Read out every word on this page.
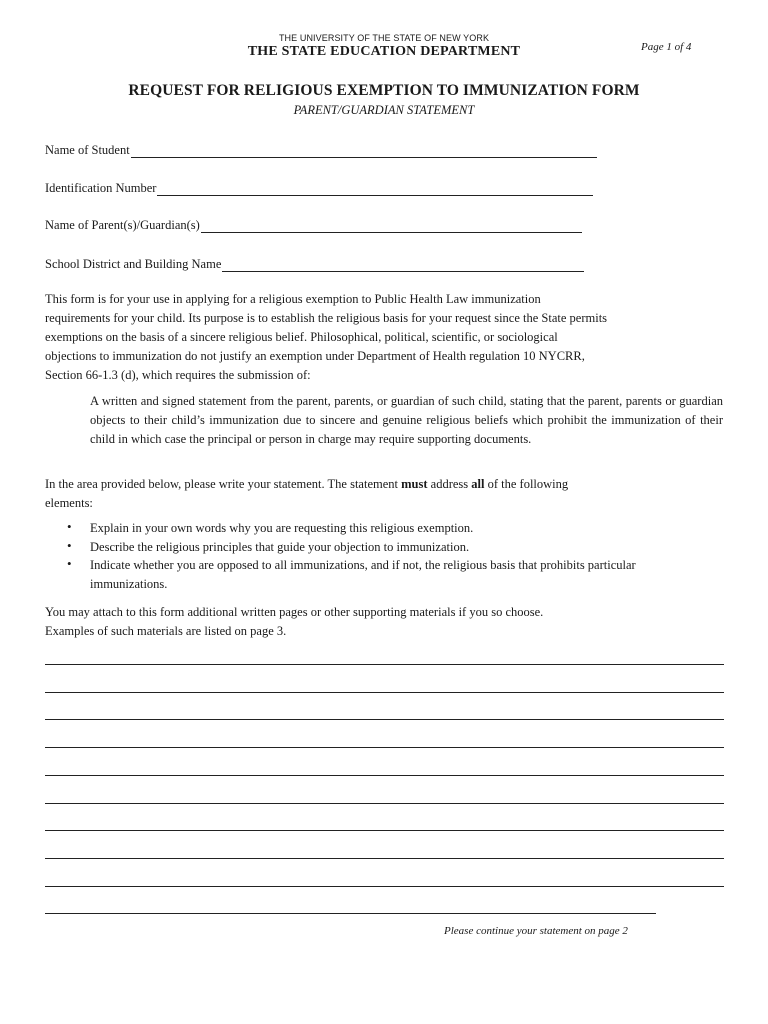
THE UNIVERSITY OF THE STATE OF NEW YORK
THE STATE EDUCATION DEPARTMENT	Page 1 of 4
REQUEST FOR RELIGIOUS EXEMPTION TO IMMUNIZATION FORM
PARENT/GUARDIAN STATEMENT
Name of Student
Identification Number
Name of Parent(s)/Guardian(s)
School District and Building Name
This form is for your use in applying for a religious exemption to Public Health Law immunization
requirements for your child. Its purpose is to establish the religious basis for your request since the State permits
exemptions on the basis of a sincere religious belief. Philosophical, political, scientific, or sociological
objections to immunization do not justify an exemption under Department of Health regulation 10 NYCRR,
Section 66-1.3 (d), which requires the submission of:
A written and signed statement from the parent, parents, or guardian of such child, stating that the parent, parents or guardian objects to their child’s immunization due to sincere and genuine religious beliefs which prohibit the immunization of their child in which case the principal or person in charge may require supporting documents.
In the area provided below, please write your statement. The statement must address all of the following
elements:
• Explain in your own words why you are requesting this religious exemption.
• Describe the religious principles that guide your objection to immunization.
• Indicate whether you are opposed to all immunizations, and if not, the religious basis that prohibits particular immunizations.
You may attach to this form additional written pages or other supporting materials if you so choose.
Examples of such materials are listed on page 3.
Please continue your statement on page 2
